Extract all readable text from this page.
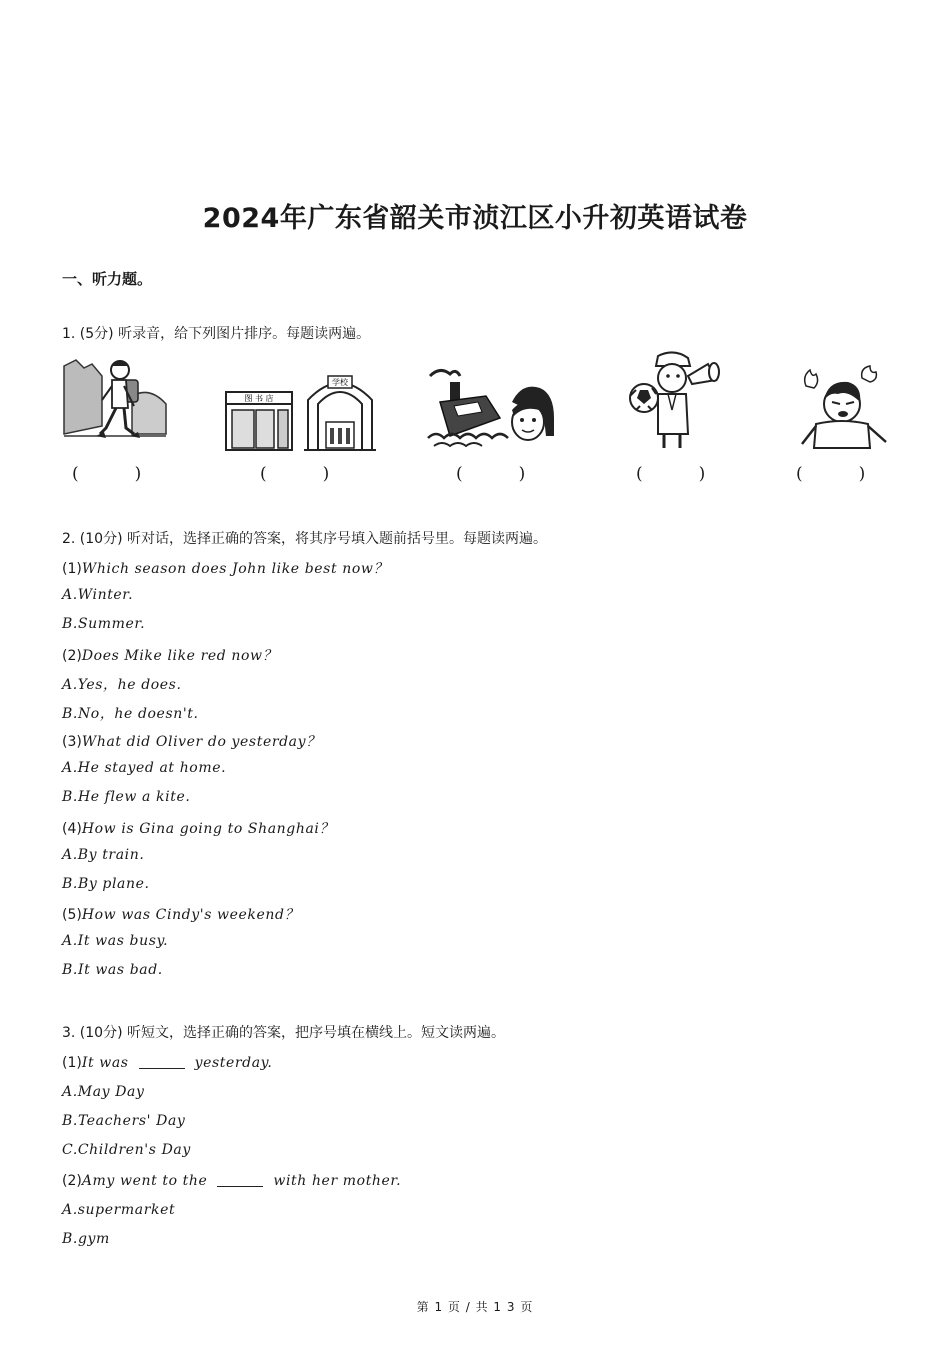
2024年广东省韶关市浈江区小升初英语试卷
一、听力题。
1. (5分) 听录音，给下列图片排序。每题读两遍。
图 书 店
学校
(	)	(	)	(	)	(	)	(	)
2. (10分) 听对话，选择正确的答案，将其序号填入题前括号里。每题读两遍。
(1)Which season does John like best now？
A.Winter.
B.Summer.
(2)Does Mike like red now？
A.Yes，he does.
B.No，he doesn't.
(3)What did Oliver do yesterday？
A.He stayed at home.
B.He flew a kite.
(4)How is Gina going to Shanghai？
A.By train.
B.By plane.
(5)How was Cindy's weekend？
A.It was busy.
B.It was bad.
3. (10分) 听短文，选择正确的答案，把序号填在横线上。短文读两遍。
(1)It was	yesterday.
A.May Day
B.Teachers' Day
C.Children's Day
(2)Amy went to the	with her mother.
A.supermarket
B.gym
第 1 页 / 共 1 3 页
